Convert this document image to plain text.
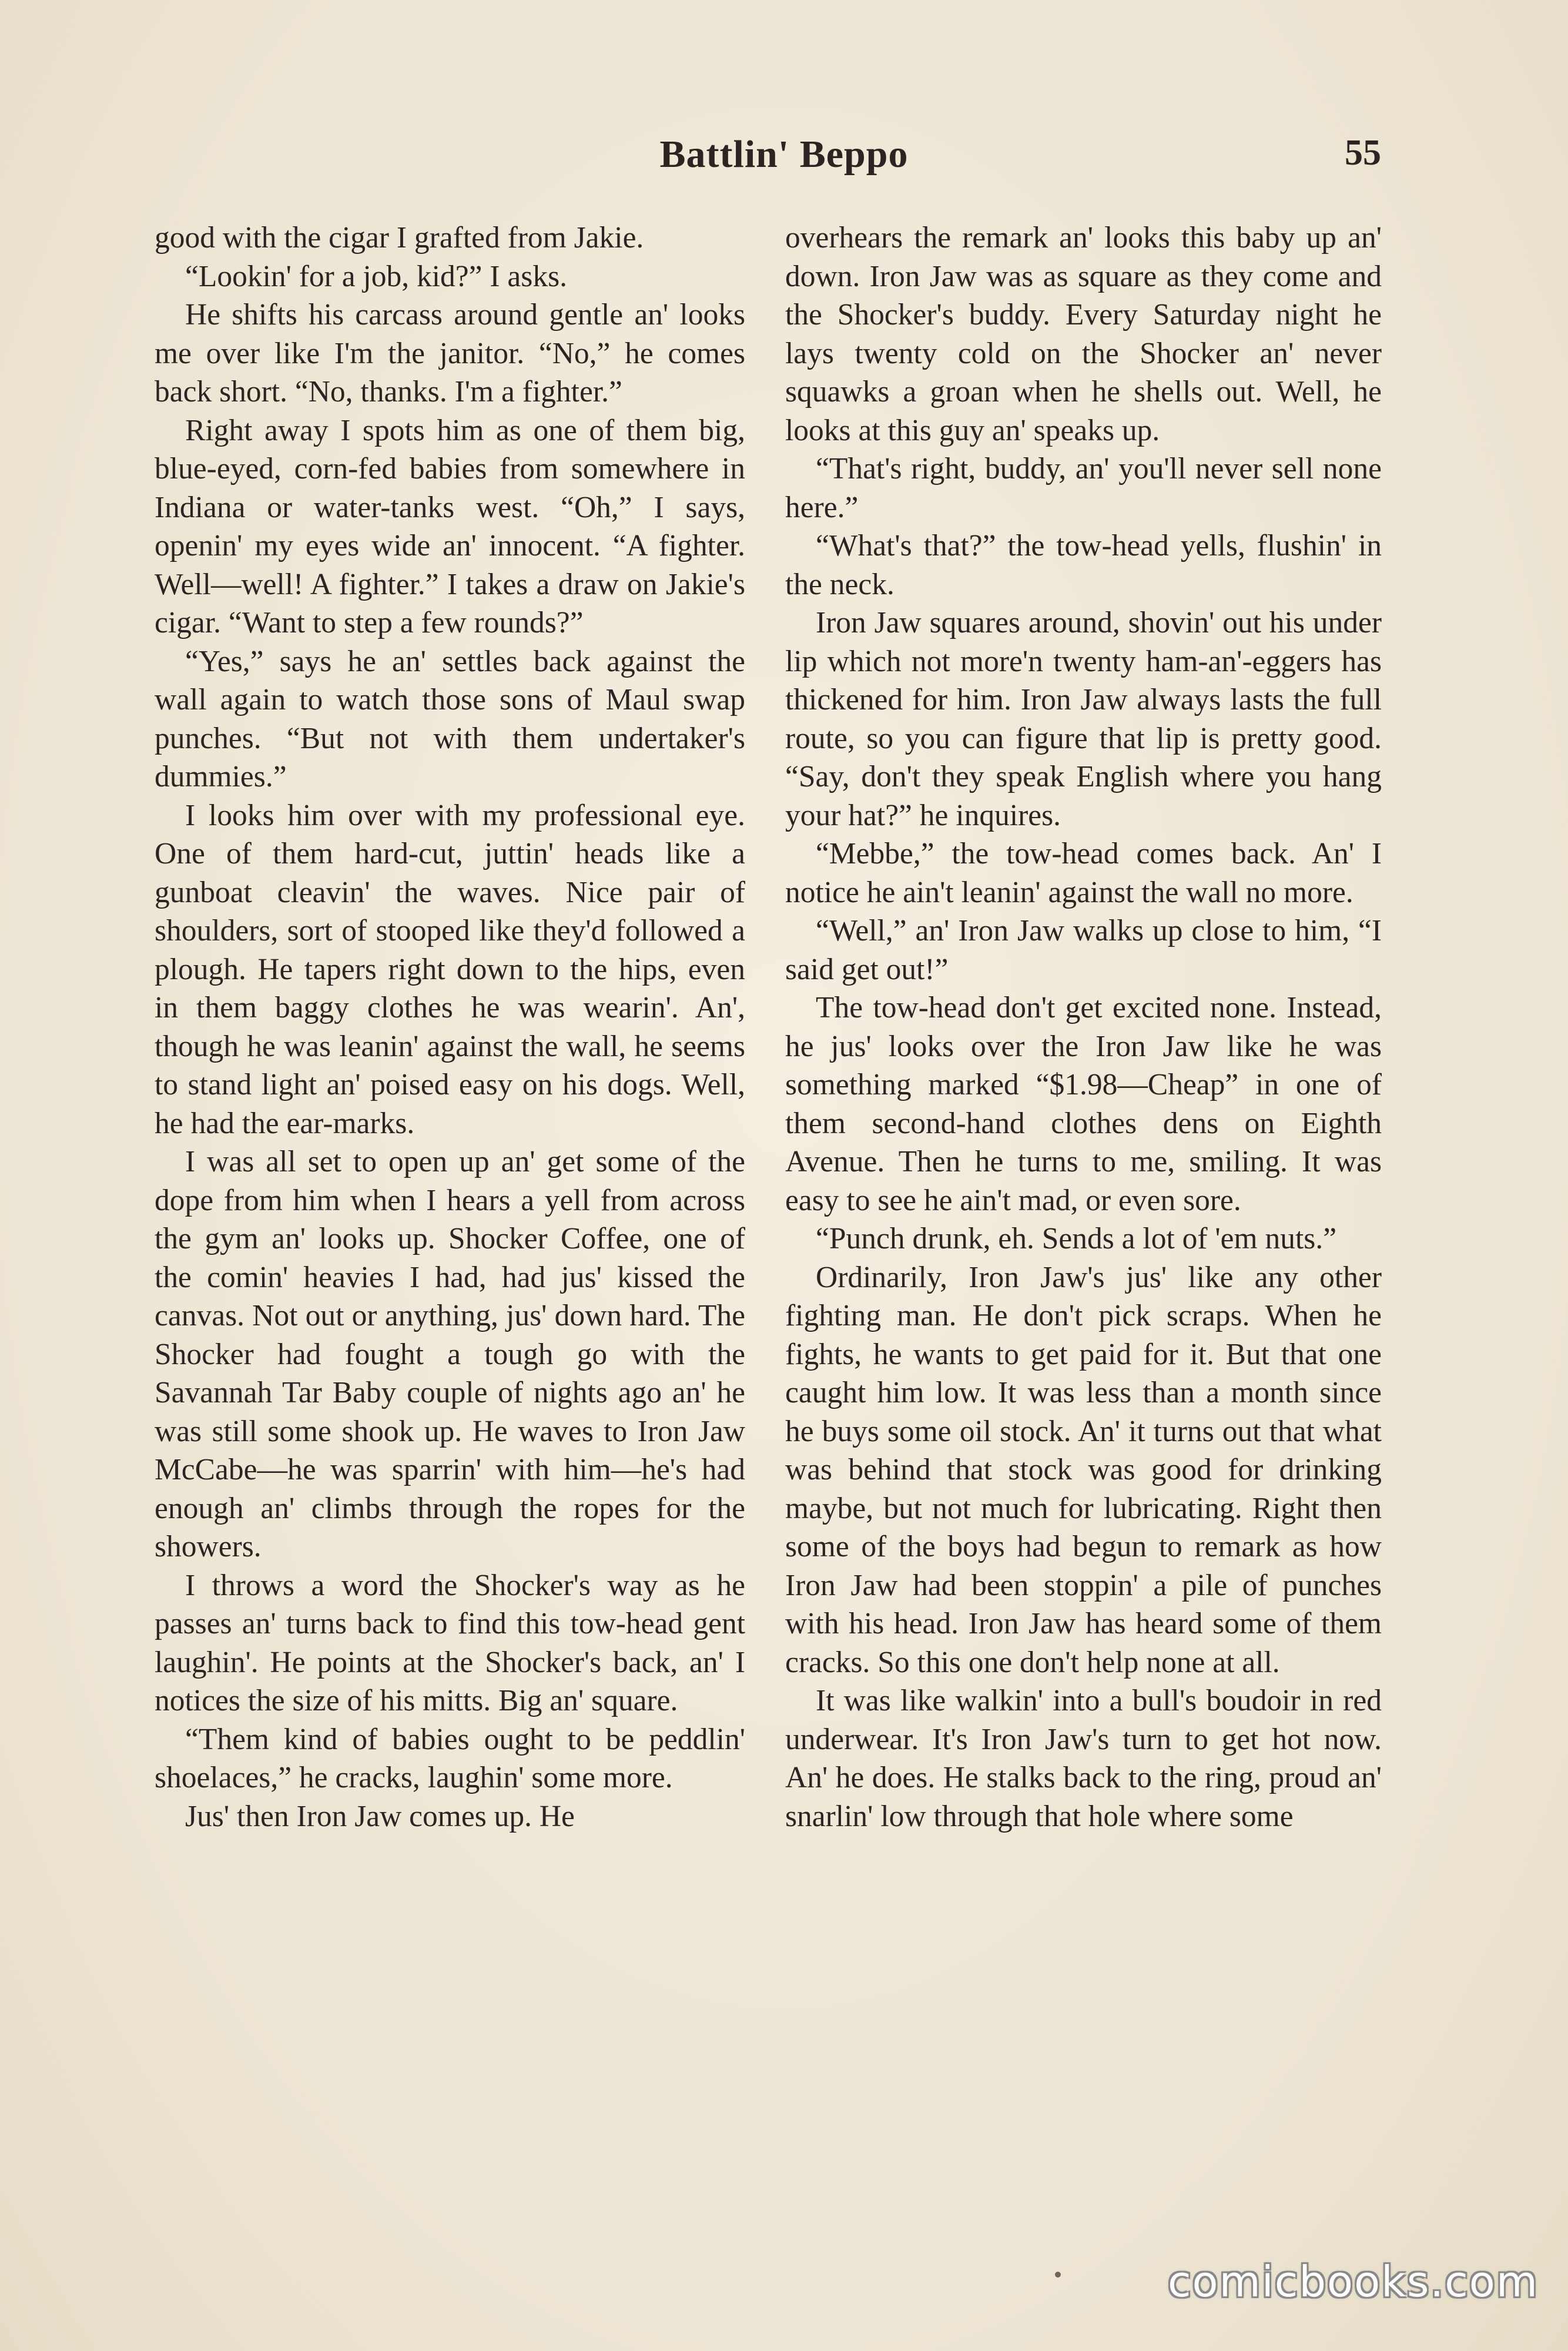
Battlin' Beppo	55

good with the cigar I grafted from Jakie.

“Lookin' for a job, kid?” I asks.

He shifts his carcass around gentle an' looks me over like I'm the janitor. “No,” he comes back short. “No, thanks. I'm a fighter.”

Right away I spots him as one of them big, blue-eyed, corn-fed babies from somewhere in Indiana or water-tanks west. “Oh,” I says, openin' my eyes wide an' innocent. “A fighter. Well—well! A fighter.” I takes a draw on Jakie's cigar. “Want to step a few rounds?”

“Yes,” says he an' settles back against the wall again to watch those sons of Maul swap punches. “But not with them undertaker's dummies.”

I looks him over with my professional eye. One of them hard-cut, juttin' heads like a gunboat cleavin' the waves. Nice pair of shoulders, sort of stooped like they'd followed a plough. He tapers right down to the hips, even in them baggy clothes he was wearin'. An', though he was leanin' against the wall, he seems to stand light an' poised easy on his dogs. Well, he had the ear-marks.

I was all set to open up an' get some of the dope from him when I hears a yell from across the gym an' looks up. Shocker Coffee, one of the comin' heavies I had, had jus' kissed the canvas. Not out or anything, jus' down hard. The Shocker had fought a tough go with the Savannah Tar Baby couple of nights ago an' he was still some shook up. He waves to Iron Jaw McCabe—he was sparrin' with him—he's had enough an' climbs through the ropes for the showers.

I throws a word the Shocker's way as he passes an' turns back to find this tow-head gent laughin'. He points at the Shocker's back, an' I notices the size of his mitts. Big an' square.

“Them kind of babies ought to be peddlin' shoelaces,” he cracks, laughin' some more.

Jus' then Iron Jaw comes up. He

overhears the remark an' looks this baby up an' down. Iron Jaw was as square as they come and the Shocker's buddy. Every Saturday night he lays twenty cold on the Shocker an' never squawks a groan when he shells out. Well, he looks at this guy an' speaks up.

“That's right, buddy, an' you'll never sell none here.”

“What's that?” the tow-head yells, flushin' in the neck.

Iron Jaw squares around, shovin' out his under lip which not more'n twenty ham-an'-eggers has thickened for him. Iron Jaw always lasts the full route, so you can figure that lip is pretty good. “Say, don't they speak English where you hang your hat?” he inquires.

“Mebbe,” the tow-head comes back. An' I notice he ain't leanin' against the wall no more.

“Well,” an' Iron Jaw walks up close to him, “I said get out!”

The tow-head don't get excited none. Instead, he jus' looks over the Iron Jaw like he was something marked “$1.98—Cheap” in one of them second-hand clothes dens on Eighth Avenue. Then he turns to me, smiling. It was easy to see he ain't mad, or even sore.

“Punch drunk, eh. Sends a lot of 'em nuts.”

Ordinarily, Iron Jaw's jus' like any other fighting man. He don't pick scraps. When he fights, he wants to get paid for it. But that one caught him low. It was less than a month since he buys some oil stock. An' it turns out that what was behind that stock was good for drinking maybe, but not much for lubricating. Right then some of the boys had begun to remark as how Iron Jaw had been stoppin' a pile of punches with his head. Iron Jaw has heard some of them cracks. So this one don't help none at all.

It was like walkin' into a bull's boudoir in red underwear. It's Iron Jaw's turn to get hot now. An' he does. He stalks back to the ring, proud an' snarlin' low through that hole where some

comicbooks.com
